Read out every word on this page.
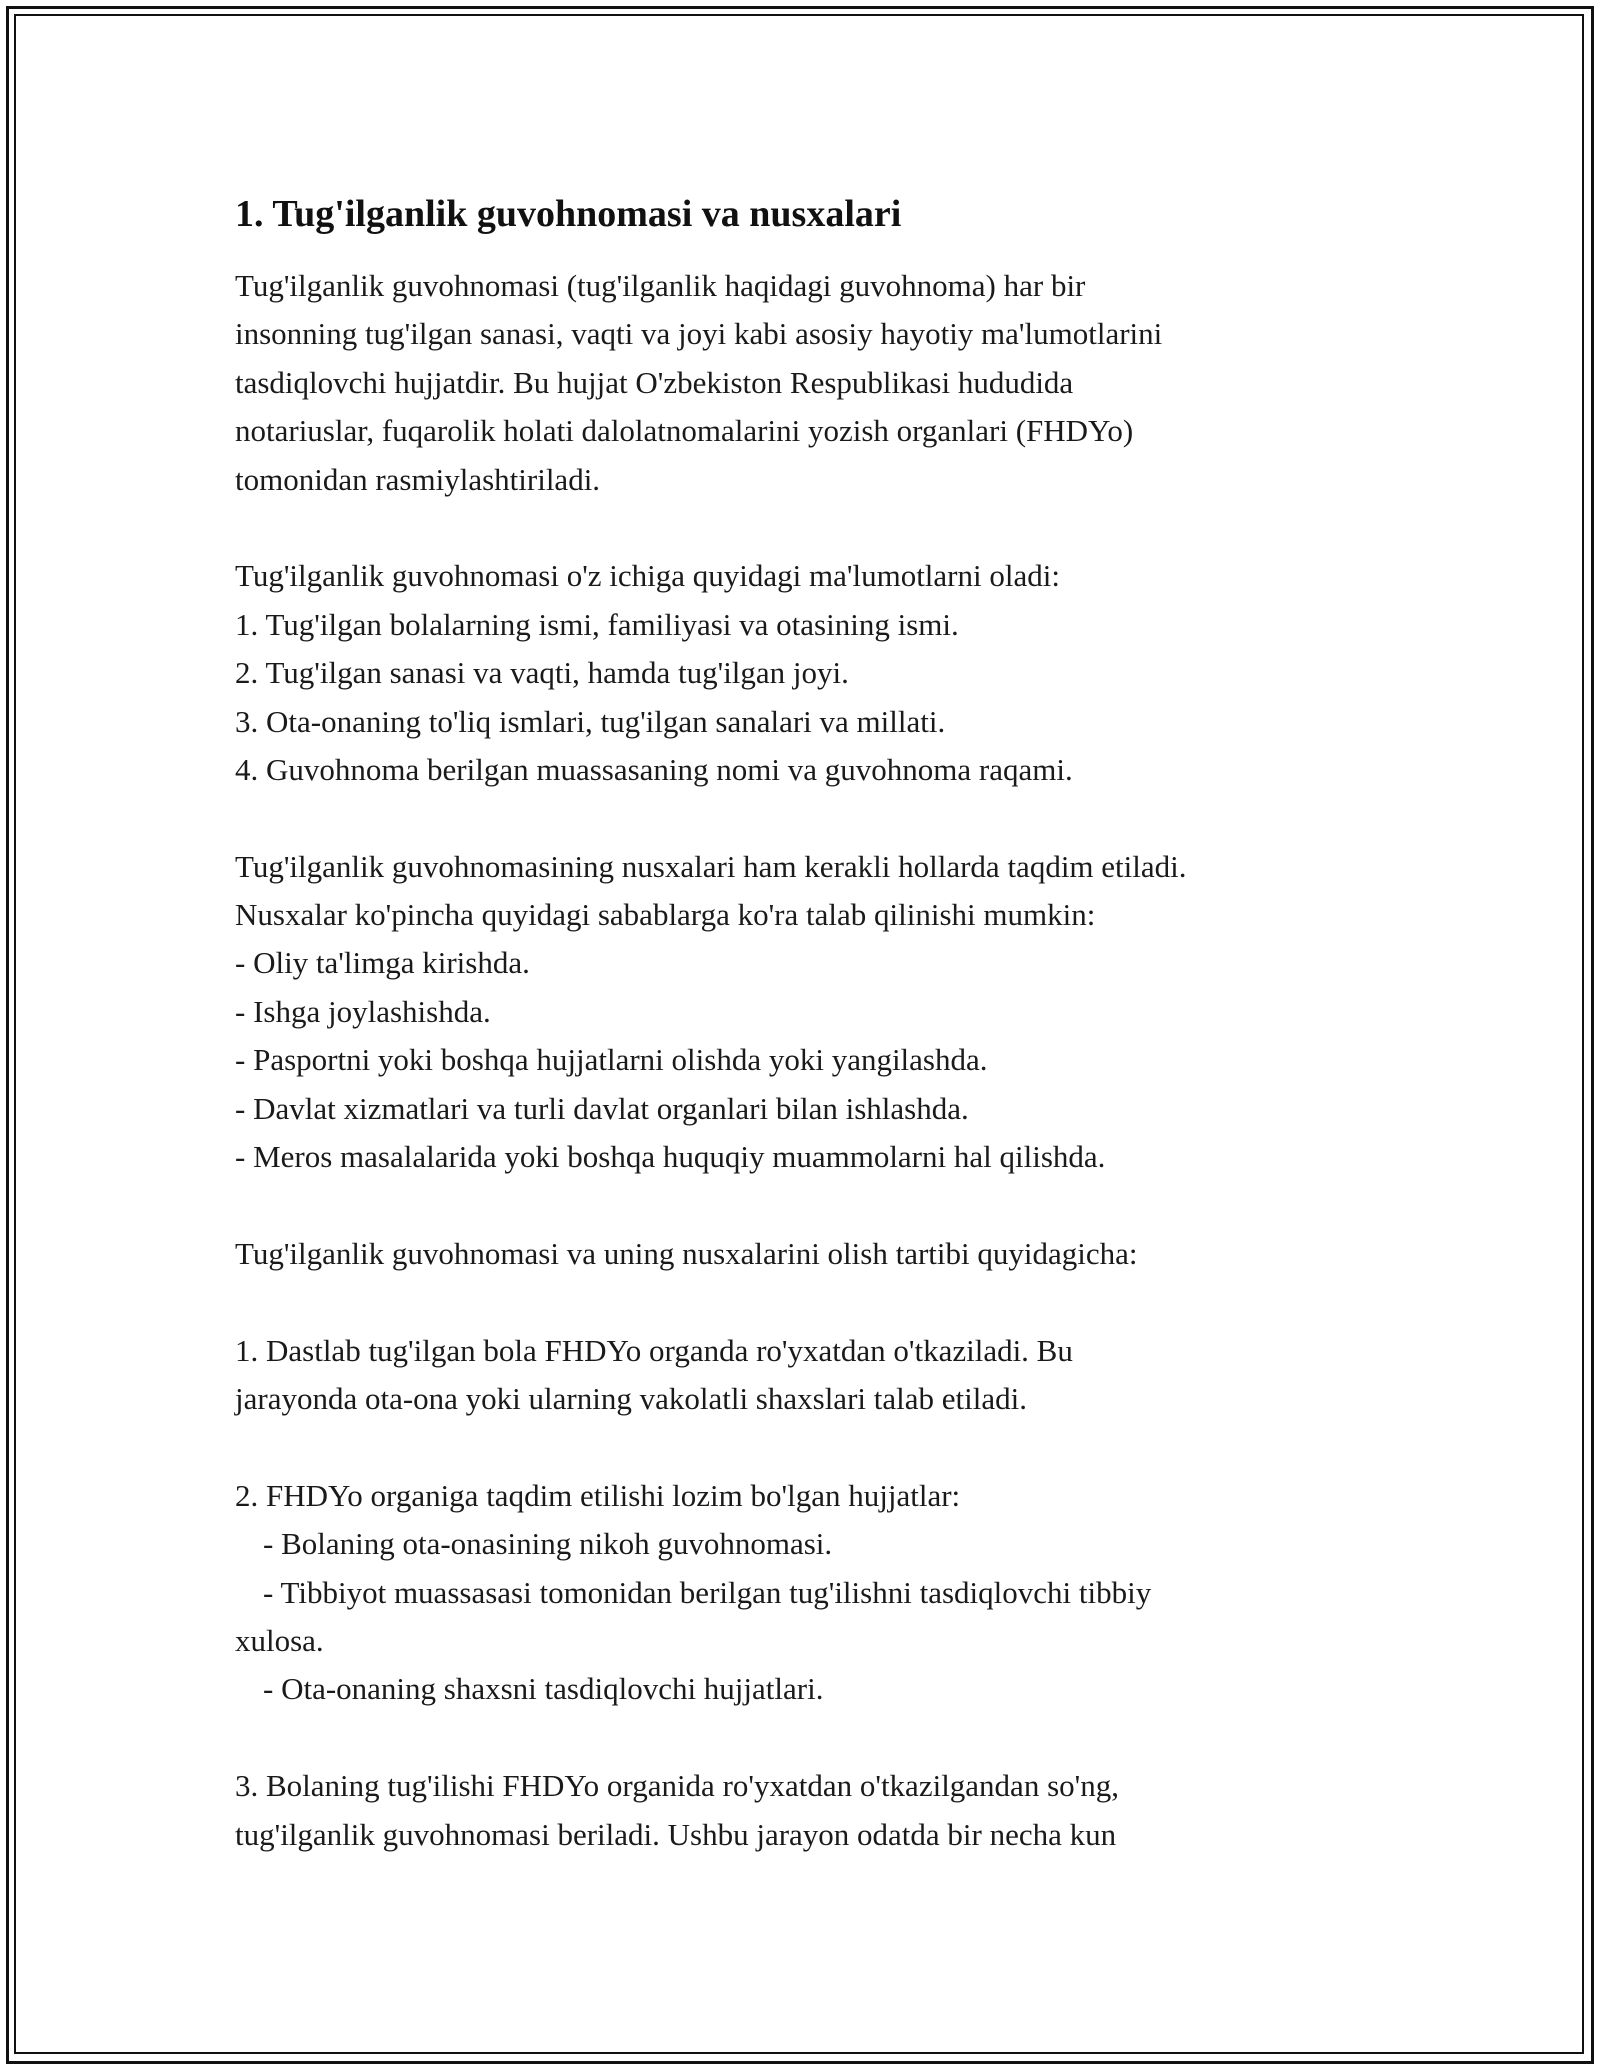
1. Tug'ilganlik guvohnomasi va nusxalari
Tug'ilganlik guvohnomasi (tug'ilganlik haqidagi guvohnoma) har bir
insonning tug'ilgan sanasi, vaqti va joyi kabi asosiy hayotiy ma'lumotlarini
tasdiqlovchi hujjatdir. Bu hujjat O'zbekiston Respublikasi hududida
notariuslar, fuqarolik holati dalolatnomalarini yozish organlari (FHDYo)
tomonidan rasmiylashtiriladi.
Tug'ilganlik guvohnomasi o'z ichiga quyidagi ma'lumotlarni oladi:
1. Tug'ilgan bolalarning ismi, familiyasi va otasining ismi.
2. Tug'ilgan sanasi va vaqti, hamda tug'ilgan joyi.
3. Ota-onaning to'liq ismlari, tug'ilgan sanalari va millati.
4. Guvohnoma berilgan muassasaning nomi va guvohnoma raqami.
Tug'ilganlik guvohnomasining nusxalari ham kerakli hollarda taqdim etiladi.
Nusxalar ko'pincha quyidagi sabablarga ko'ra talab qilinishi mumkin:
- Oliy ta'limga kirishda.
- Ishga joylashishda.
- Pasportni yoki boshqa hujjatlarni olishda yoki yangilashda.
- Davlat xizmatlari va turli davlat organlari bilan ishlashda.
- Meros masalalarida yoki boshqa huquqiy muammolarni hal qilishda.
Tug'ilganlik guvohnomasi va uning nusxalarini olish tartibi quyidagicha:
1. Dastlab tug'ilgan bola FHDYo organda ro'yxatdan o'tkaziladi. Bu
jarayonda ota-ona yoki ularning vakolatli shaxslari talab etiladi.
2. FHDYo organiga taqdim etilishi lozim bo'lgan hujjatlar:
- Bolaning ota-onasining nikoh guvohnomasi.
- Tibbiyot muassasasi tomonidan berilgan tug'ilishni tasdiqlovchi tibbiy
xulosa.
- Ota-onaning shaxsni tasdiqlovchi hujjatlari.
3. Bolaning tug'ilishi FHDYo organida ro'yxatdan o'tkazilgandan so'ng,
tug'ilganlik guvohnomasi beriladi. Ushbu jarayon odatda bir necha kun
